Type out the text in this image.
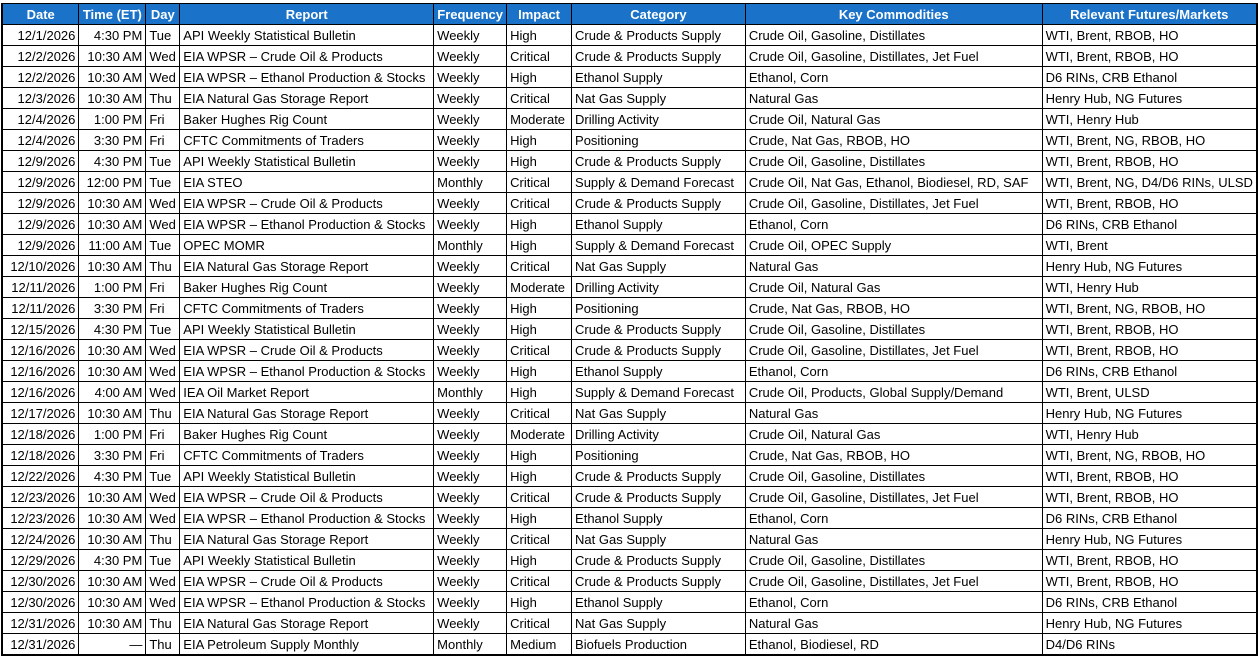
Date	Time (ET)	Day	Report	Frequency	Impact	Category	Key Commodities	Relevant Futures/Markets
12/1/2026	4:30 PM	Tue	API Weekly Statistical Bulletin	Weekly	High	Crude & Products Supply	Crude Oil, Gasoline, Distillates	WTI, Brent, RBOB, HO
12/2/2026	10:30 AM	Wed	EIA WPSR – Crude Oil & Products	Weekly	Critical	Crude & Products Supply	Crude Oil, Gasoline, Distillates, Jet Fuel	WTI, Brent, RBOB, HO
12/2/2026	10:30 AM	Wed	EIA WPSR – Ethanol Production & Stocks	Weekly	High	Ethanol Supply	Ethanol, Corn	D6 RINs, CRB Ethanol
12/3/2026	10:30 AM	Thu	EIA Natural Gas Storage Report	Weekly	Critical	Nat Gas Supply	Natural Gas	Henry Hub, NG Futures
12/4/2026	1:00 PM	Fri	Baker Hughes Rig Count	Weekly	Moderate	Drilling Activity	Crude Oil, Natural Gas	WTI, Henry Hub
12/4/2026	3:30 PM	Fri	CFTC Commitments of Traders	Weekly	High	Positioning	Crude, Nat Gas, RBOB, HO	WTI, Brent, NG, RBOB, HO
12/9/2026	4:30 PM	Tue	API Weekly Statistical Bulletin	Weekly	High	Crude & Products Supply	Crude Oil, Gasoline, Distillates	WTI, Brent, RBOB, HO
12/9/2026	12:00 PM	Tue	EIA STEO	Monthly	Critical	Supply & Demand Forecast	Crude Oil, Nat Gas, Ethanol, Biodiesel, RD, SAF	WTI, Brent, NG, D4/D6 RINs, ULSD
12/9/2026	10:30 AM	Wed	EIA WPSR – Crude Oil & Products	Weekly	Critical	Crude & Products Supply	Crude Oil, Gasoline, Distillates, Jet Fuel	WTI, Brent, RBOB, HO
12/9/2026	10:30 AM	Wed	EIA WPSR – Ethanol Production & Stocks	Weekly	High	Ethanol Supply	Ethanol, Corn	D6 RINs, CRB Ethanol
12/9/2026	11:00 AM	Tue	OPEC MOMR	Monthly	High	Supply & Demand Forecast	Crude Oil, OPEC Supply	WTI, Brent
12/10/2026	10:30 AM	Thu	EIA Natural Gas Storage Report	Weekly	Critical	Nat Gas Supply	Natural Gas	Henry Hub, NG Futures
12/11/2026	1:00 PM	Fri	Baker Hughes Rig Count	Weekly	Moderate	Drilling Activity	Crude Oil, Natural Gas	WTI, Henry Hub
12/11/2026	3:30 PM	Fri	CFTC Commitments of Traders	Weekly	High	Positioning	Crude, Nat Gas, RBOB, HO	WTI, Brent, NG, RBOB, HO
12/15/2026	4:30 PM	Tue	API Weekly Statistical Bulletin	Weekly	High	Crude & Products Supply	Crude Oil, Gasoline, Distillates	WTI, Brent, RBOB, HO
12/16/2026	10:30 AM	Wed	EIA WPSR – Crude Oil & Products	Weekly	Critical	Crude & Products Supply	Crude Oil, Gasoline, Distillates, Jet Fuel	WTI, Brent, RBOB, HO
12/16/2026	10:30 AM	Wed	EIA WPSR – Ethanol Production & Stocks	Weekly	High	Ethanol Supply	Ethanol, Corn	D6 RINs, CRB Ethanol
12/16/2026	4:00 AM	Wed	IEA Oil Market Report	Monthly	High	Supply & Demand Forecast	Crude Oil, Products, Global Supply/Demand	WTI, Brent, ULSD
12/17/2026	10:30 AM	Thu	EIA Natural Gas Storage Report	Weekly	Critical	Nat Gas Supply	Natural Gas	Henry Hub, NG Futures
12/18/2026	1:00 PM	Fri	Baker Hughes Rig Count	Weekly	Moderate	Drilling Activity	Crude Oil, Natural Gas	WTI, Henry Hub
12/18/2026	3:30 PM	Fri	CFTC Commitments of Traders	Weekly	High	Positioning	Crude, Nat Gas, RBOB, HO	WTI, Brent, NG, RBOB, HO
12/22/2026	4:30 PM	Tue	API Weekly Statistical Bulletin	Weekly	High	Crude & Products Supply	Crude Oil, Gasoline, Distillates	WTI, Brent, RBOB, HO
12/23/2026	10:30 AM	Wed	EIA WPSR – Crude Oil & Products	Weekly	Critical	Crude & Products Supply	Crude Oil, Gasoline, Distillates, Jet Fuel	WTI, Brent, RBOB, HO
12/23/2026	10:30 AM	Wed	EIA WPSR – Ethanol Production & Stocks	Weekly	High	Ethanol Supply	Ethanol, Corn	D6 RINs, CRB Ethanol
12/24/2026	10:30 AM	Thu	EIA Natural Gas Storage Report	Weekly	Critical	Nat Gas Supply	Natural Gas	Henry Hub, NG Futures
12/29/2026	4:30 PM	Tue	API Weekly Statistical Bulletin	Weekly	High	Crude & Products Supply	Crude Oil, Gasoline, Distillates	WTI, Brent, RBOB, HO
12/30/2026	10:30 AM	Wed	EIA WPSR – Crude Oil & Products	Weekly	Critical	Crude & Products Supply	Crude Oil, Gasoline, Distillates, Jet Fuel	WTI, Brent, RBOB, HO
12/30/2026	10:30 AM	Wed	EIA WPSR – Ethanol Production & Stocks	Weekly	High	Ethanol Supply	Ethanol, Corn	D6 RINs, CRB Ethanol
12/31/2026	10:30 AM	Thu	EIA Natural Gas Storage Report	Weekly	Critical	Nat Gas Supply	Natural Gas	Henry Hub, NG Futures
12/31/2026	—	Thu	EIA Petroleum Supply Monthly	Monthly	Medium	Biofuels Production	Ethanol, Biodiesel, RD	D4/D6 RINs
